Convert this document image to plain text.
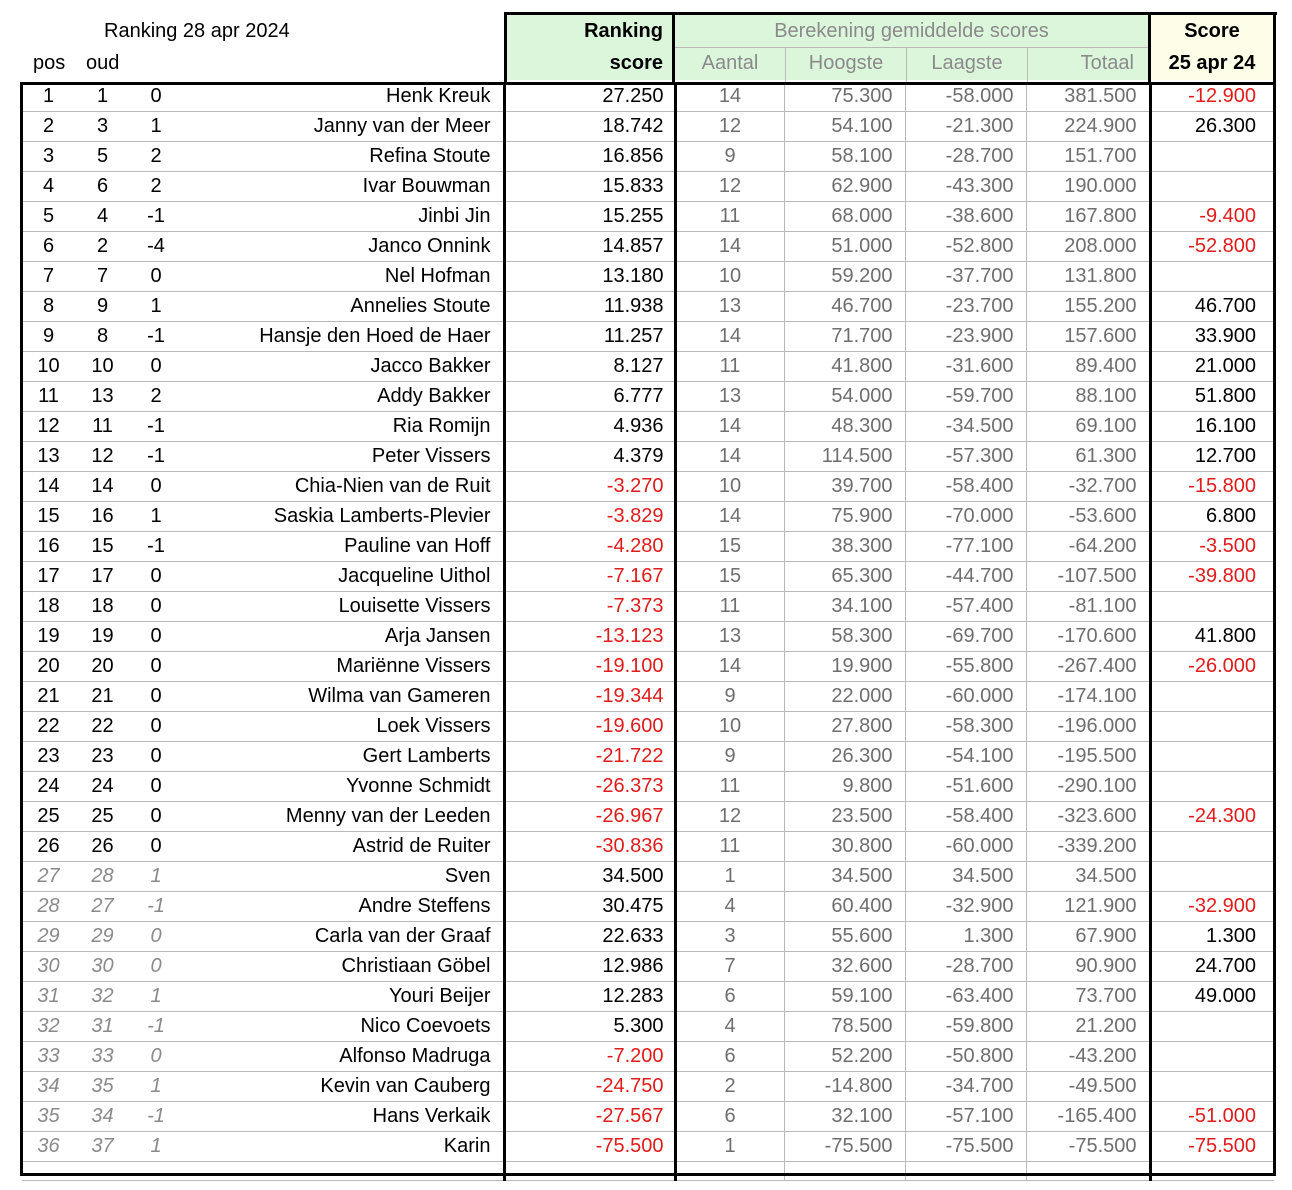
Ranking 28 apr 2024
pos oud
Ranking
score
Berekening gemiddelde scores
Aantal	Hoogste	Laagste	Totaal
Score
25 apr 24
1	1	0	Henk Kreuk	27.250	14	75.300	-58.000	381.500	-12.900
2	3	1	Janny van der Meer	18.742	12	54.100	-21.300	224.900	26.300
3	5	2	Refina Stoute	16.856	9	58.100	-28.700	151.700	
4	6	2	Ivar Bouwman	15.833	12	62.900	-43.300	190.000	
5	4	-1	Jinbi Jin	15.255	11	68.000	-38.600	167.800	-9.400
6	2	-4	Janco Onnink	14.857	14	51.000	-52.800	208.000	-52.800
7	7	0	Nel Hofman	13.180	10	59.200	-37.700	131.800	
8	9	1	Annelies Stoute	11.938	13	46.700	-23.700	155.200	46.700
9	8	-1	Hansje den Hoed de Haer	11.257	14	71.700	-23.900	157.600	33.900
10	10	0	Jacco Bakker	8.127	11	41.800	-31.600	89.400	21.000
11	13	2	Addy Bakker	6.777	13	54.000	-59.700	88.100	51.800
12	11	-1	Ria Romijn	4.936	14	48.300	-34.500	69.100	16.100
13	12	-1	Peter Vissers	4.379	14	114.500	-57.300	61.300	12.700
14	14	0	Chia-Nien van de Ruit	-3.270	10	39.700	-58.400	-32.700	-15.800
15	16	1	Saskia Lamberts-Plevier	-3.829	14	75.900	-70.000	-53.600	6.800
16	15	-1	Pauline van Hoff	-4.280	15	38.300	-77.100	-64.200	-3.500
17	17	0	Jacqueline Uithol	-7.167	15	65.300	-44.700	-107.500	-39.800
18	18	0	Louisette Vissers	-7.373	11	34.100	-57.400	-81.100	
19	19	0	Arja Jansen	-13.123	13	58.300	-69.700	-170.600	41.800
20	20	0	Mariënne Vissers	-19.100	14	19.900	-55.800	-267.400	-26.000
21	21	0	Wilma van Gameren	-19.344	9	22.000	-60.000	-174.100	
22	22	0	Loek Vissers	-19.600	10	27.800	-58.300	-196.000	
23	23	0	Gert Lamberts	-21.722	9	26.300	-54.100	-195.500	
24	24	0	Yvonne Schmidt	-26.373	11	9.800	-51.600	-290.100	
25	25	0	Menny van der Leeden	-26.967	12	23.500	-58.400	-323.600	-24.300
26	26	0	Astrid de Ruiter	-30.836	11	30.800	-60.000	-339.200	
27	28	1	Sven	34.500	1	34.500	34.500	34.500	
28	27	-1	Andre Steffens	30.475	4	60.400	-32.900	121.900	-32.900
29	29	0	Carla van der Graaf	22.633	3	55.600	1.300	67.900	1.300
30	30	0	Christiaan Göbel	12.986	7	32.600	-28.700	90.900	24.700
31	32	1	Youri Beijer	12.283	6	59.100	-63.400	73.700	49.000
32	31	-1	Nico Coevoets	5.300	4	78.500	-59.800	21.200	
33	33	0	Alfonso Madruga	-7.200	6	52.200	-50.800	-43.200	
34	35	1	Kevin van Cauberg	-24.750	2	-14.800	-34.700	-49.500	
35	34	-1	Hans Verkaik	-27.567	6	32.100	-57.100	-165.400	-51.000
36	37	1	Karin	-75.500	1	-75.500	-75.500	-75.500	-75.500
